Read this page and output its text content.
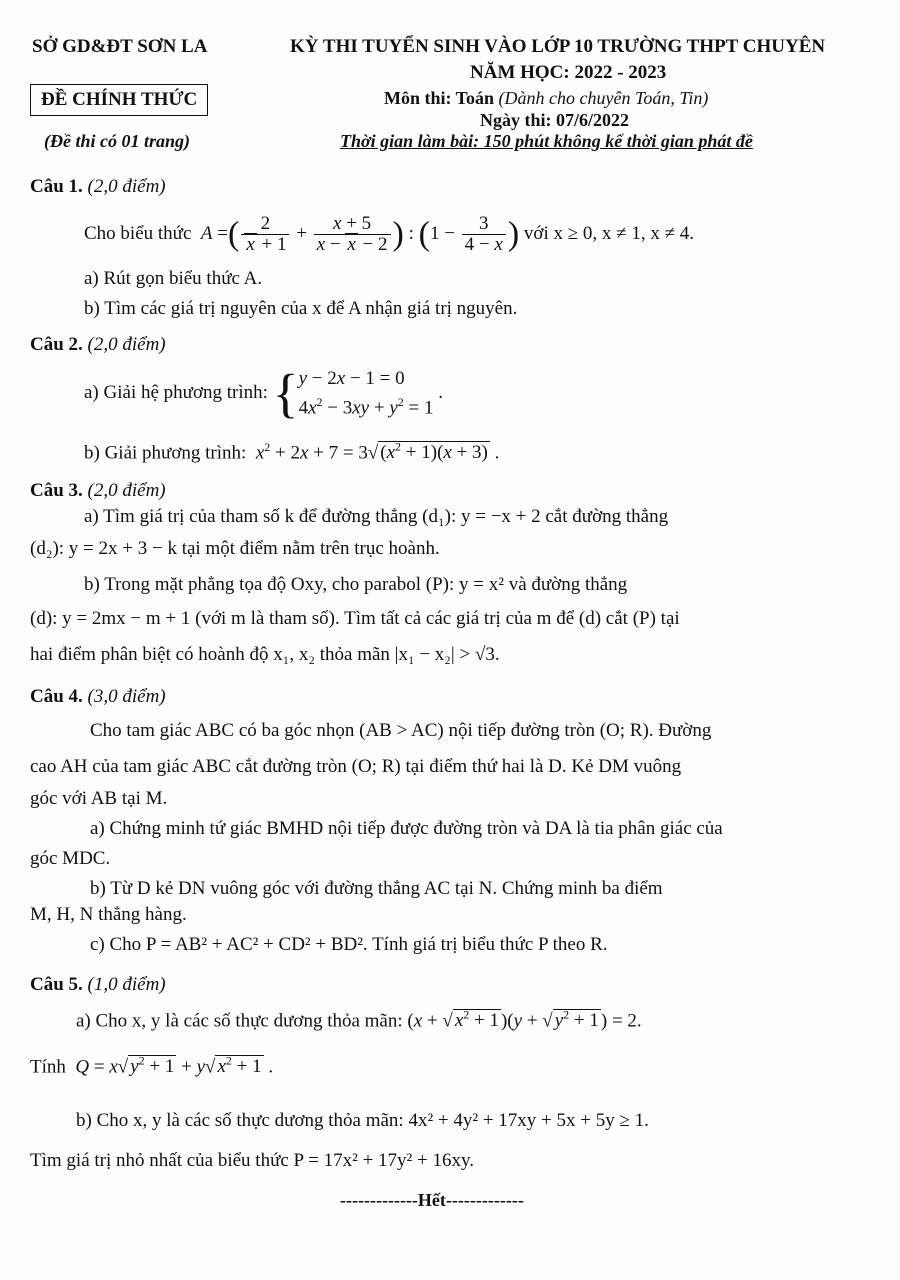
SỞ GD&ĐT SƠN LA	KỲ THI TUYỂN SINH VÀO LỚP 10 TRƯỜNG THPT CHUYÊN
NĂM HỌC: 2022 - 2023
ĐỀ CHÍNH THỨC	Môn thi: Toán (Dành cho chuyên Toán, Tin)
Ngày thi: 07/6/2022
(Đề thi có 01 trang)	Thời gian làm bài: 150 phút không kể thời gian phát đề
Câu 1. (2,0 điểm)
Cho biểu thức  A =( $\frac{2}{x + 1} + \frac{x + 5}{x - x - 2}$ ) : ($1 - \frac{3}{4 - x}$ ) với x ≥ 0, x ≠ 1, x ≠ 4.
a) Rút gọn biểu thức A.
b) Tìm các giá trị nguyên của x để A nhận giá trị nguyên.
Câu 2. (2,0 điểm)
a) Giải hệ phương trình: {y − 2x − 1 = 0
$4x^2 - 3xy + y^2 = 1$ .
b) Giải phương trình:  $x^2 + 2x + 7 = 3√$ $(x^2 + 1)(x + 3)$ .
Câu 3. (2,0 điểm)
a) Tìm giá trị của tham số k để đường thẳng (d₁): y = −x + 2 cắt đường thẳng
(d₂): y = 2x + 3 − k tại một điểm nằm trên trục hoành.
b) Trong mặt phẳng tọa độ Oxy, cho parabol (P): y = x² và đường thẳng
(d): y = 2mx − m + 1 (với m là tham số). Tìm tất cả các giá trị của m để (d) cắt (P) tại
hai điểm phân biệt có hoành độ x₁, x₂ thỏa mãn |x₁ − x₂| > √3.
Câu 4. (3,0 điểm)
Cho tam giác ABC có ba góc nhọn (AB > AC) nội tiếp đường tròn (O; R). Đường
cao AH của tam giác ABC cắt đường tròn (O; R) tại điểm thứ hai là D. Kẻ DM vuông
góc với AB tại M.
a) Chứng minh tứ giác BMHD nội tiếp được đường tròn và DA là tia phân giác của
góc MDC.
b) Từ D kẻ DN vuông góc với đường thẳng AC tại N. Chứng minh ba điểm
M, H, N thẳng hàng.
c) Cho P = AB² + AC² + CD² + BD². Tính giá trị biểu thức P theo R.
Câu 5. (1,0 điểm)
a) Cho x, y là các số thực dương thỏa mãn: (x + √ $x^2 + 1$ )(y + √ $y^2 + 1$ ) = 2.
Tính  Q = x√ $y^2 + 1 + y√$ $x^2 + 1$ .
b) Cho x, y là các số thực dương thỏa mãn: 4x² + 4y² + 17xy + 5x + 5y ≥ 1.
Tìm giá trị nhỏ nhất của biểu thức P = 17x² + 17y² + 16xy.
-------------Hết-------------
